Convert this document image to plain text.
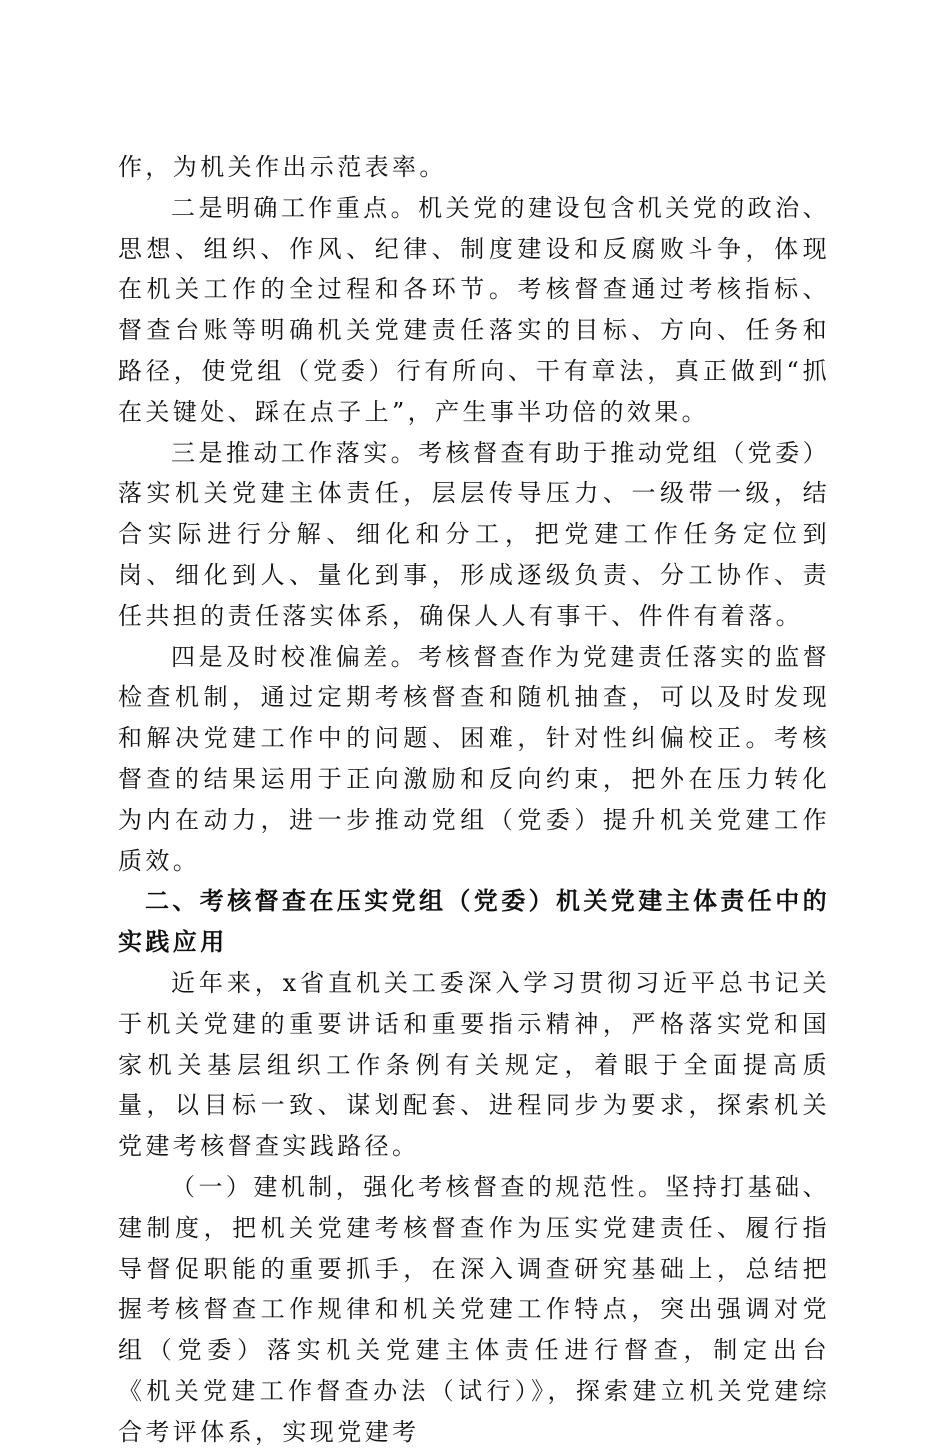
作，为机关作出示范表率。

二是明确工作重点。机关党的建设包含机关党的政治、思想、组织、作风、纪律、制度建设和反腐败斗争，体现在机关工作的全过程和各环节。考核督查通过考核指标、督查台账等明确机关党建责任落实的目标、方向、任务和路径，使党组（党委）行有所向、干有章法，真正做到“抓在关键处、踩在点子上”，产生事半功倍的效果。

三是推动工作落实。考核督查有助于推动党组（党委）落实机关党建主体责任，层层传导压力、一级带一级，结合实际进行分解、细化和分工，把党建工作任务定位到岗、细化到人、量化到事，形成逐级负责、分工协作、责任共担的责任落实体系，确保人人有事干、件件有着落。

四是及时校准偏差。考核督查作为党建责任落实的监督检查机制，通过定期考核督查和随机抽查，可以及时发现和解决党建工作中的问题、困难，针对性纠偏校正。考核督查的结果运用于正向激励和反向约束，把外在压力转化为内在动力，进一步推动党组（党委）提升机关党建工作质效。

二、考核督查在压实党组（党委）机关党建主体责任中的实践应用

近年来，x省直机关工委深入学习贯彻习近平总书记关于机关党建的重要讲话和重要指示精神，严格落实党和国家机关基层组织工作条例有关规定，着眼于全面提高质量，以目标一致、谋划配套、进程同步为要求，探索机关党建考核督查实践路径。

（一）建机制，强化考核督查的规范性。坚持打基础、建制度，把机关党建考核督查作为压实党建责任、履行指导督促职能的重要抓手，在深入调查研究基础上，总结把握考核督查工作规律和机关党建工作特点，突出强调对党组（党委）落实机关党建主体责任进行督查，制定出台《机关党建工作督查办法（试行）》，探索建立机关党建综合考评体系，实现党建考
